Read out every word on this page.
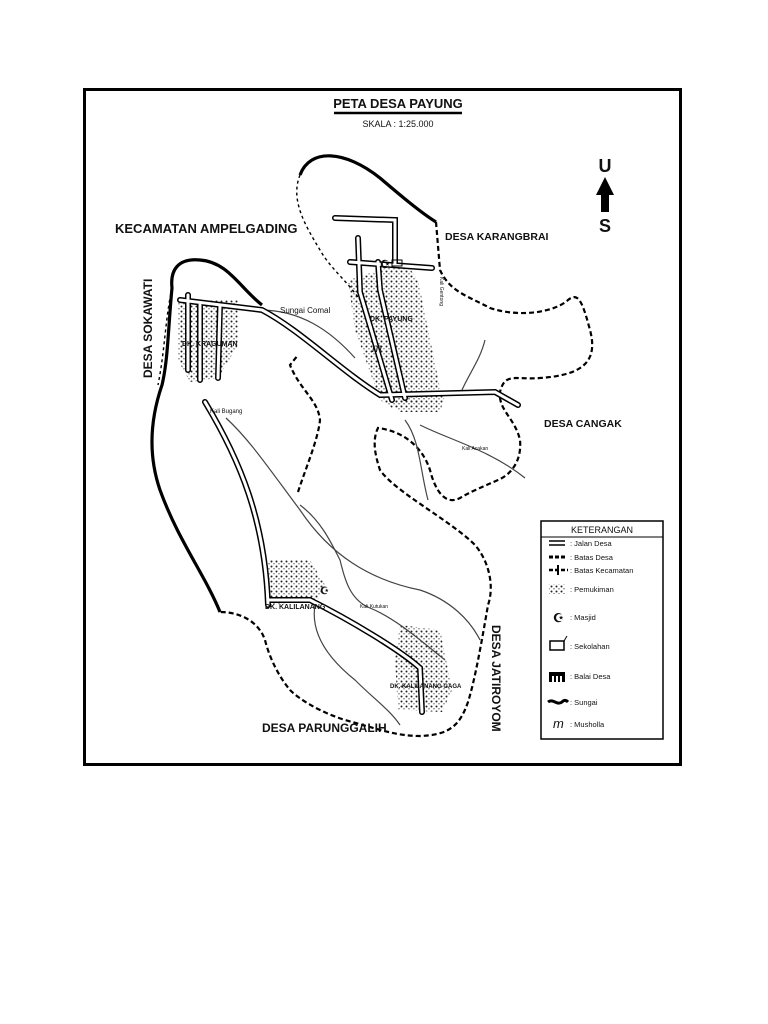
PETA DESA PAYUNG
SKALA : 1:25.000
U
S
☪
m
☪
KECAMATAN AMPELGADING
DESA KARANGBRAI
DESA SOKAWATI
DESA CANGAK
DESA JATIROYOM
DESA PARUNGGALIH
DK. KRAGUMAN
DK. PAYUNG
DK. KALILANANG
DK. KALILANANG GAGA
Sungai Comal
Kali Bugang
Kali Acakan
Kali Kutukan
Kali Gentong
KETERANGAN
☪
m
: Jalan Desa
: Batas Desa
: Batas Kecamatan
: Pemukiman
: Masjid
: Sekolahan
: Balai Desa
: Sungai
: Musholla
